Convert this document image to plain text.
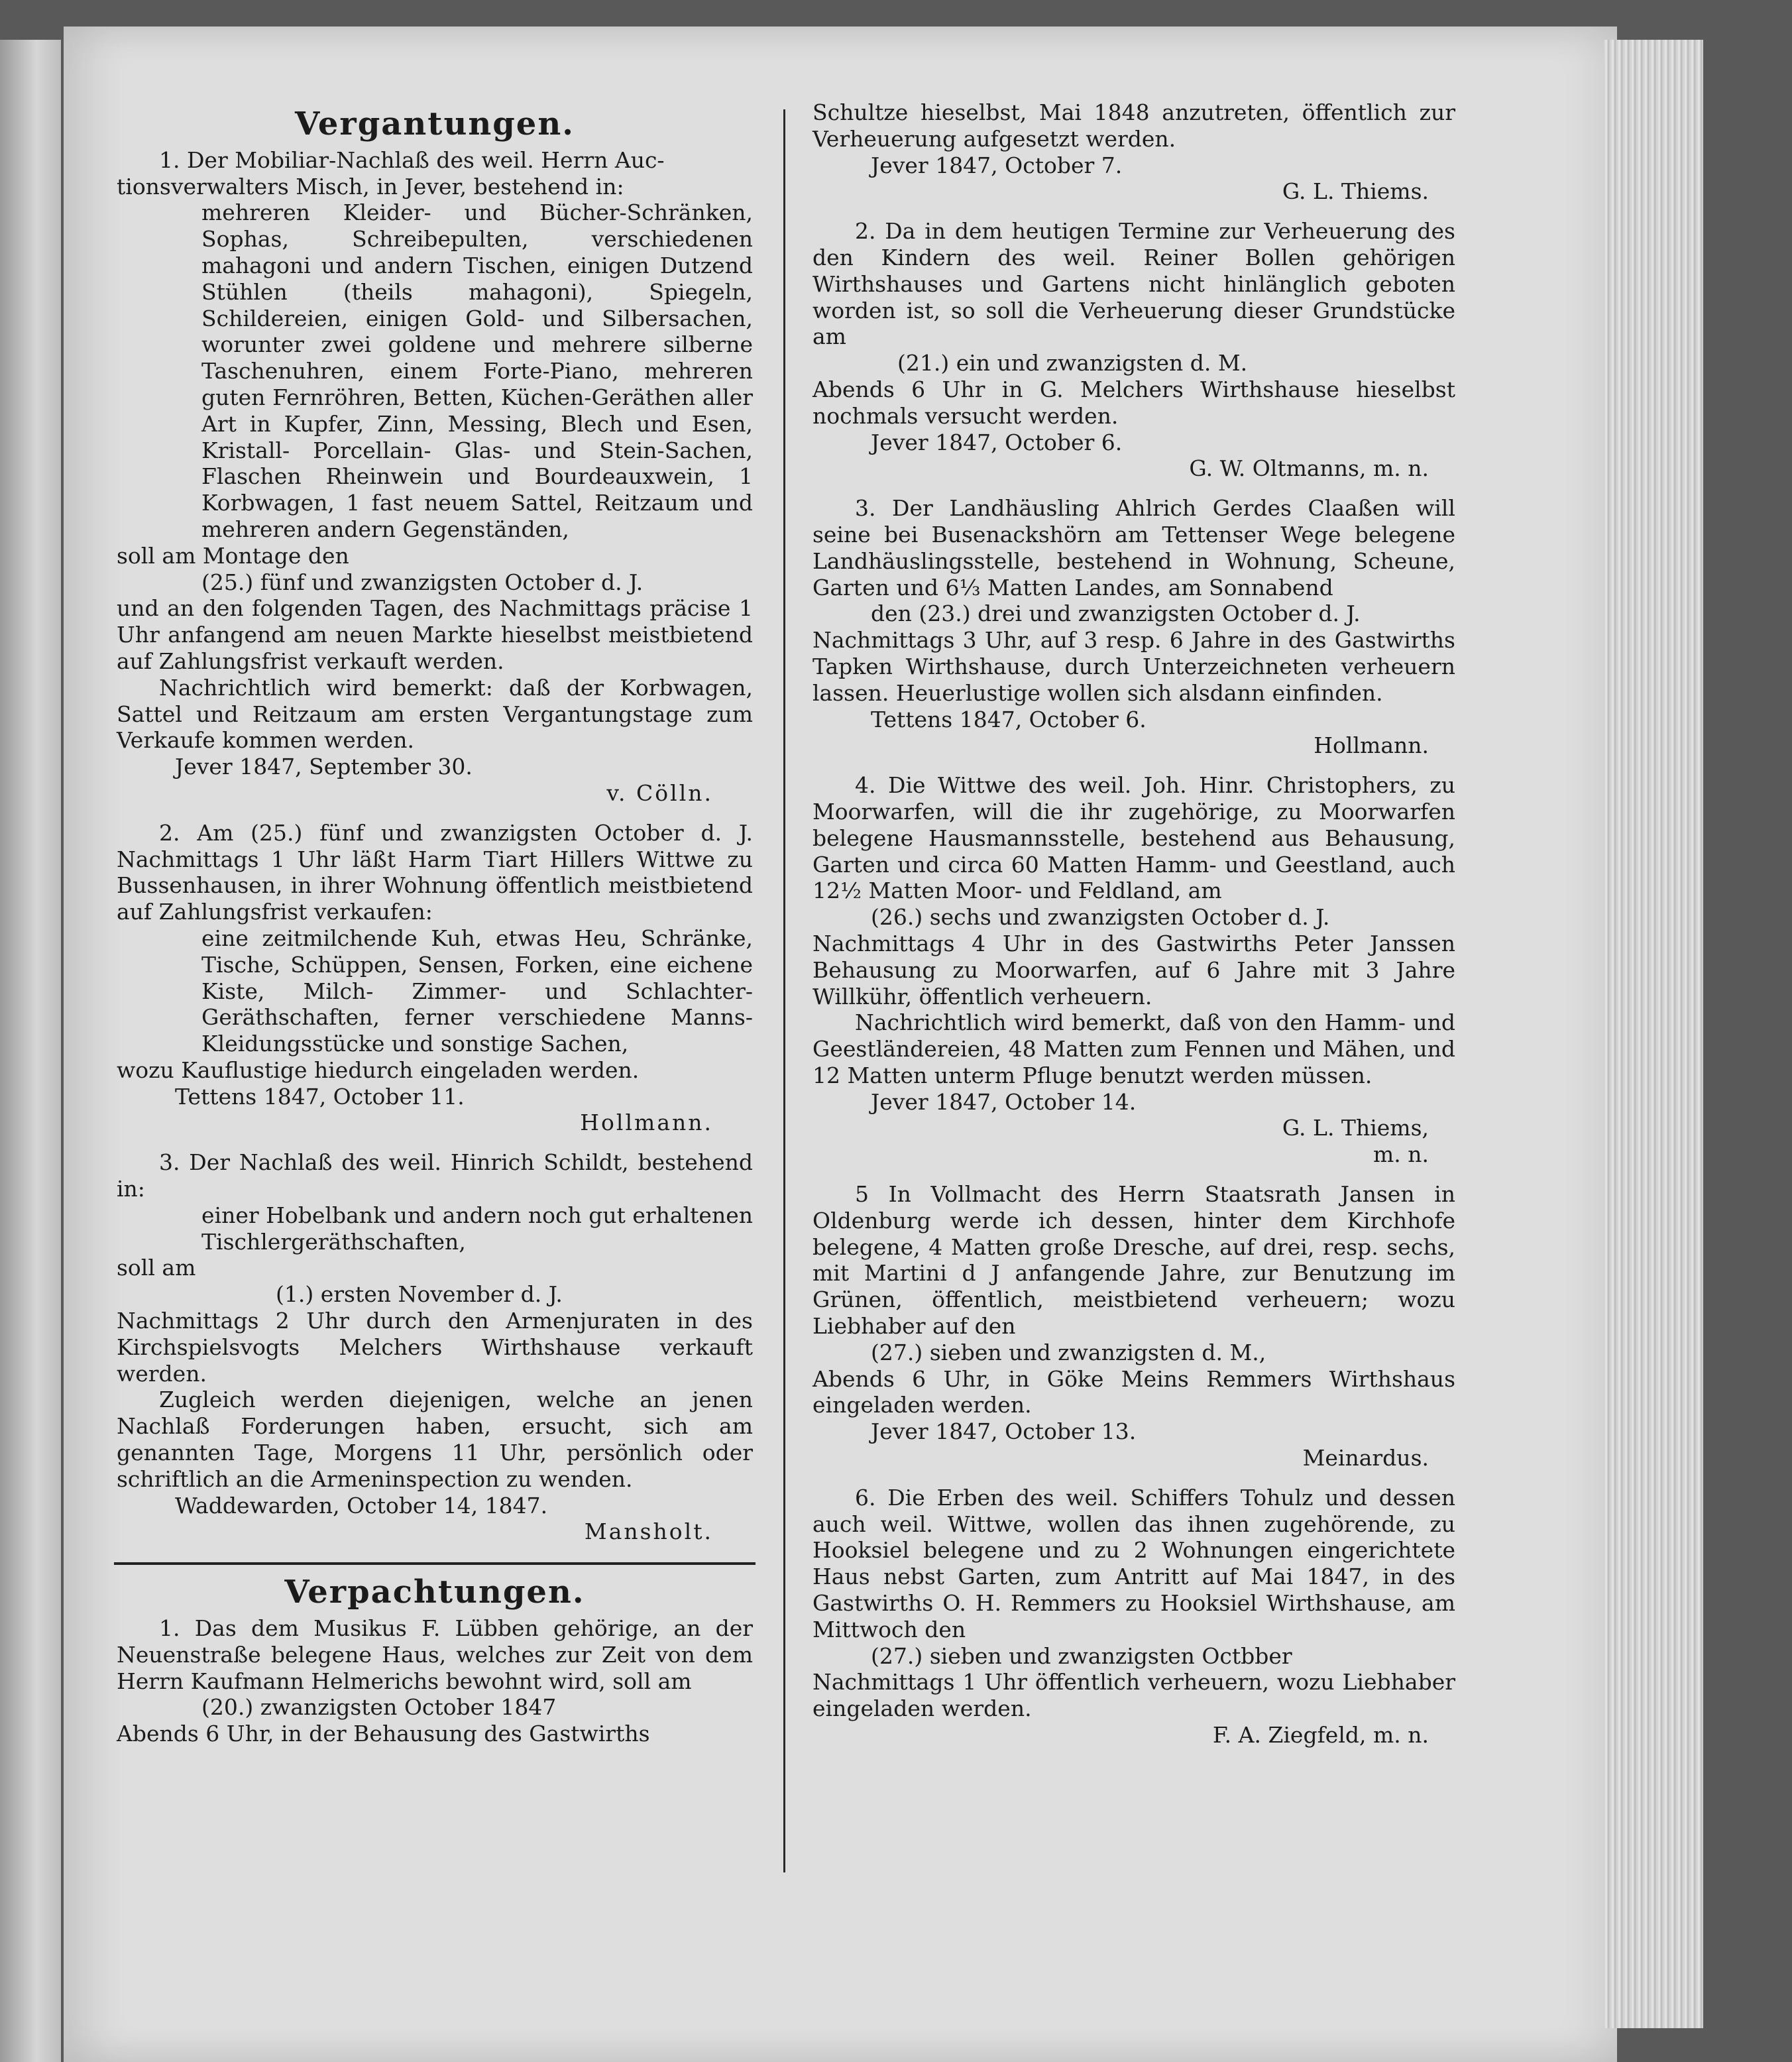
Vergantungen.

1. Der Mobiliar-Nachlaß des weil. Herrn Auc-

tionsverwalters Misch, in Jever, bestehend in:

mehreren Kleider- und Bücher-Schränken, Sophas, Schreibepulten, verschiedenen mahagoni und andern Tischen, einigen Dutzend Stühlen (theils mahagoni), Spiegeln, Schildereien, einigen Gold- und Silbersachen, worunter zwei goldene und mehrere silberne Taschenuhren, einem Forte-Piano, mehreren guten Fernröhren, Betten, Küchen-Geräthen aller Art in Kupfer, Zinn, Messing, Blech und Esen, Kristall- Porcellain- Glas- und Stein-Sachen, Flaschen Rheinwein und Bourdeauxwein, 1 Korbwagen, 1 fast neuem Sattel, Reitzaum und mehreren andern Gegenständen,

soll am Montage den

(25.) fünf und zwanzigsten October d. J.

und an den folgenden Tagen, des Nachmittags präcise 1 Uhr anfangend am neuen Markte hieselbst meistbietend auf Zahlungsfrist verkauft werden.

Nachrichtlich wird bemerkt: daß der Korbwagen, Sattel und Reitzaum am ersten Vergantungstage zum Verkaufe kommen werden.

Jever 1847, September 30.

v. Cölln.

2. Am (25.) fünf und zwanzigsten October d. J. Nachmittags 1 Uhr läßt Harm Tiart Hillers Wittwe zu Bussenhausen, in ihrer Wohnung öffentlich meistbietend auf Zahlungsfrist verkaufen:

eine zeitmilchende Kuh, etwas Heu, Schränke, Tische, Schüppen, Sensen, Forken, eine eichene Kiste, Milch- Zimmer- und Schlachter-Geräthschaften, ferner verschiedene Manns-Kleidungsstücke und sonstige Sachen,

wozu Kauflustige hiedurch eingeladen werden.

Tettens 1847, October 11.

Hollmann.

3. Der Nachlaß des weil. Hinrich Schildt, bestehend in:

einer Hobelbank und andern noch gut erhaltenen Tischlergeräthschaften,

soll am

(1.) ersten November d. J.

Nachmittags 2 Uhr durch den Armenjuraten in des Kirchspielsvogts Melchers Wirthshause verkauft werden.

Zugleich werden diejenigen, welche an jenen Nachlaß Forderungen haben, ersucht, sich am genannten Tage, Morgens 11 Uhr, persönlich oder schriftlich an die Armeninspection zu wenden.

Waddewarden, October 14, 1847.

Mansholt.

Verpachtungen.

1. Das dem Musikus F. Lübben gehörige, an der Neuenstraße belegene Haus, welches zur Zeit von dem Herrn Kaufmann Helmerichs bewohnt wird, soll am

(20.) zwanzigsten October 1847

Abends 6 Uhr, in der Behausung des Gastwirths

Schultze hieselbst, Mai 1848 anzutreten, öffentlich zur Verheuerung aufgesetzt werden.

Jever 1847, October 7.

G. L. Thiems.

2. Da in dem heutigen Termine zur Verheuerung des den Kindern des weil. Reiner Bollen gehörigen Wirthshauses und Gartens nicht hinlänglich geboten worden ist, so soll die Verheuerung dieser Grundstücke am

(21.) ein und zwanzigsten d. M.

Abends 6 Uhr in G. Melchers Wirthshause hieselbst nochmals versucht werden.

Jever 1847, October 6.

G. W. Oltmanns, m. n.

3. Der Landhäusling Ahlrich Gerdes Claaßen will seine bei Busenackshörn am Tettenser Wege belegene Landhäuslingsstelle, bestehend in Wohnung, Scheune, Garten und 6⅓ Matten Landes, am Sonnabend

den (23.) drei und zwanzigsten October d. J.

Nachmittags 3 Uhr, auf 3 resp. 6 Jahre in des Gastwirths Tapken Wirthshause, durch Unterzeichneten verheuern lassen. Heuerlustige wollen sich alsdann einfinden.

Tettens 1847, October 6.

Hollmann.

4. Die Wittwe des weil. Joh. Hinr. Christophers, zu Moorwarfen, will die ihr zugehörige, zu Moorwarfen belegene Hausmannsstelle, bestehend aus Behausung, Garten und circa 60 Matten Hamm- und Geestland, auch 12½ Matten Moor- und Feldland, am

(26.) sechs und zwanzigsten October d. J.

Nachmittags 4 Uhr in des Gastwirths Peter Janssen Behausung zu Moorwarfen, auf 6 Jahre mit 3 Jahre Willkühr, öffentlich verheuern.

Nachrichtlich wird bemerkt, daß von den Hamm- und Geestländereien, 48 Matten zum Fennen und Mähen, und 12 Matten unterm Pfluge benutzt werden müssen.

Jever 1847, October 14.

G. L. Thiems,

m. n.

5 In Vollmacht des Herrn Staatsrath Jansen in Oldenburg werde ich dessen, hinter dem Kirchhofe belegene, 4 Matten große Dresche, auf drei, resp. sechs, mit Martini d J anfangende Jahre, zur Benutzung im Grünen, öffentlich, meistbietend verheuern; wozu Liebhaber auf den

(27.) sieben und zwanzigsten d. M.,

Abends 6 Uhr, in Göke Meins Remmers Wirthshaus eingeladen werden.

Jever 1847, October 13.

Meinardus.

6. Die Erben des weil. Schiffers Tohulz und dessen auch weil. Wittwe, wollen das ihnen zugehörende, zu Hooksiel belegene und zu 2 Wohnungen eingerichtete Haus nebst Garten, zum Antritt auf Mai 1847, in des Gastwirths O. H. Remmers zu Hooksiel Wirthshause, am Mittwoch den

(27.) sieben und zwanzigsten Octbber

Nachmittags 1 Uhr öffentlich verheuern, wozu Liebhaber eingeladen werden.

F. A. Ziegfeld, m. n.
